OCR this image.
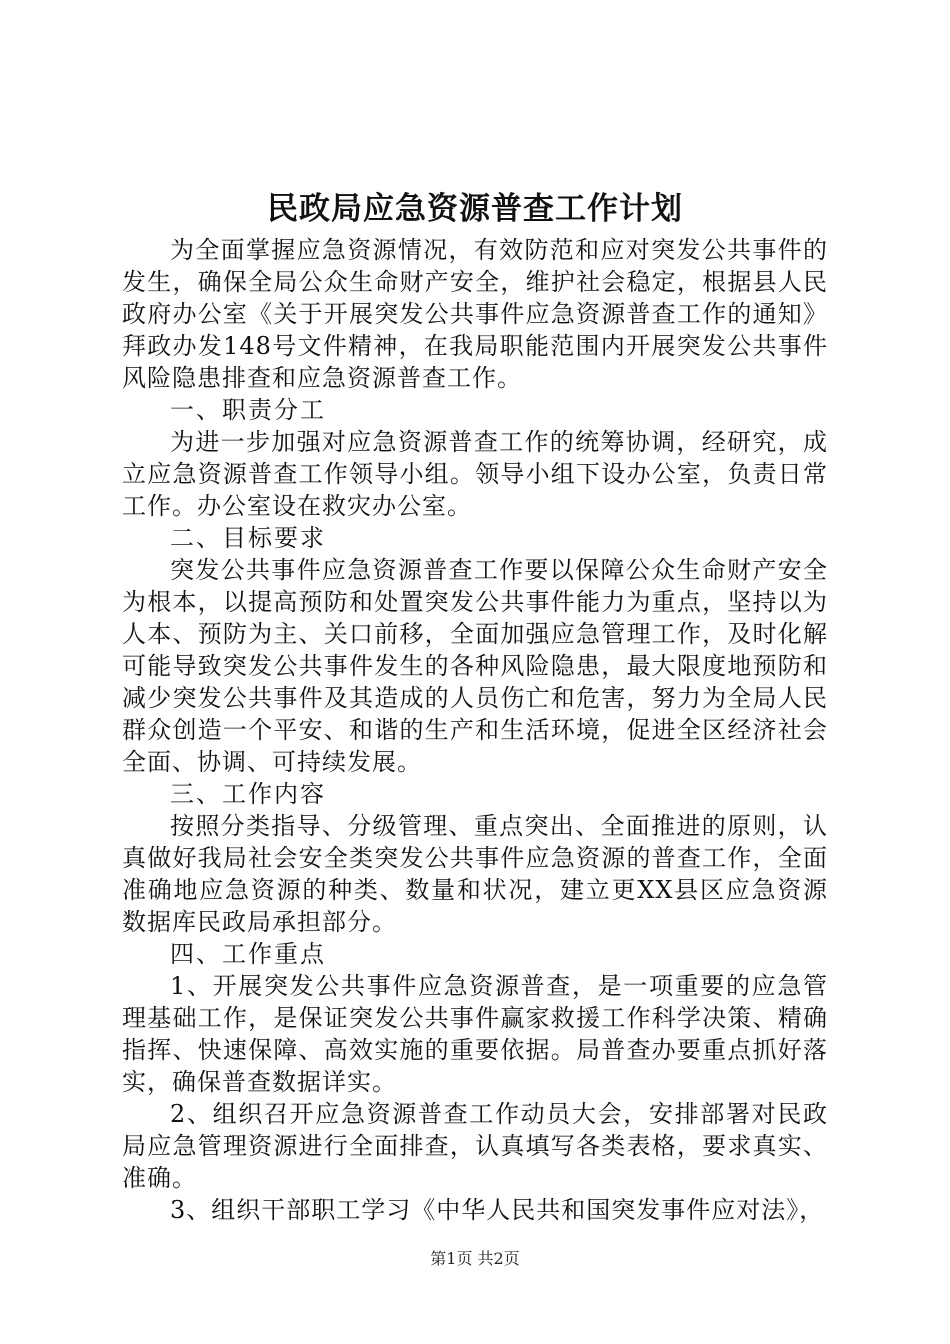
民政局应急资源普查工作计划

为全面掌握应急资源情况，有效防范和应对突发公共事件的发生，确保全局公众生命财产安全，维护社会稳定，根据县人民政府办公室《关于开展突发公共事件应急资源普查工作的通知》拜政办发148号文件精神，在我局职能范围内开展突发公共事件风险隐患排查和应急资源普查工作。

一、职责分工

为进一步加强对应急资源普查工作的统筹协调，经研究，成立应急资源普查工作领导小组。领导小组下设办公室，负责日常工作。办公室设在救灾办公室。

二、目标要求

突发公共事件应急资源普查工作要以保障公众生命财产安全为根本，以提高预防和处置突发公共事件能力为重点，坚持以为人本、预防为主、关口前移，全面加强应急管理工作，及时化解可能导致突发公共事件发生的各种风险隐患，最大限度地预防和减少突发公共事件及其造成的人员伤亡和危害，努力为全局人民群众创造一个平安、和谐的生产和生活环境，促进全区经济社会全面、协调、可持续发展。

三、工作内容

按照分类指导、分级管理、重点突出、全面推进的原则，认真做好我局社会安全类突发公共事件应急资源的普查工作，全面准确地应急资源的种类、数量和状况，建立更XX县区应急资源数据库民政局承担部分。

四、工作重点

1、开展突发公共事件应急资源普查，是一项重要的应急管理基础工作，是保证突发公共事件赢家救援工作科学决策、精确指挥、快速保障、高效实施的重要依据。局普查办要重点抓好落实，确保普查数据详实。

2、组织召开应急资源普查工作动员大会，安排部署对民政局应急管理资源进行全面排查，认真填写各类表格，要求真实、准确。

3、组织干部职工学习《中华人民共和国突发事件应对法》，

第1页 共2页
